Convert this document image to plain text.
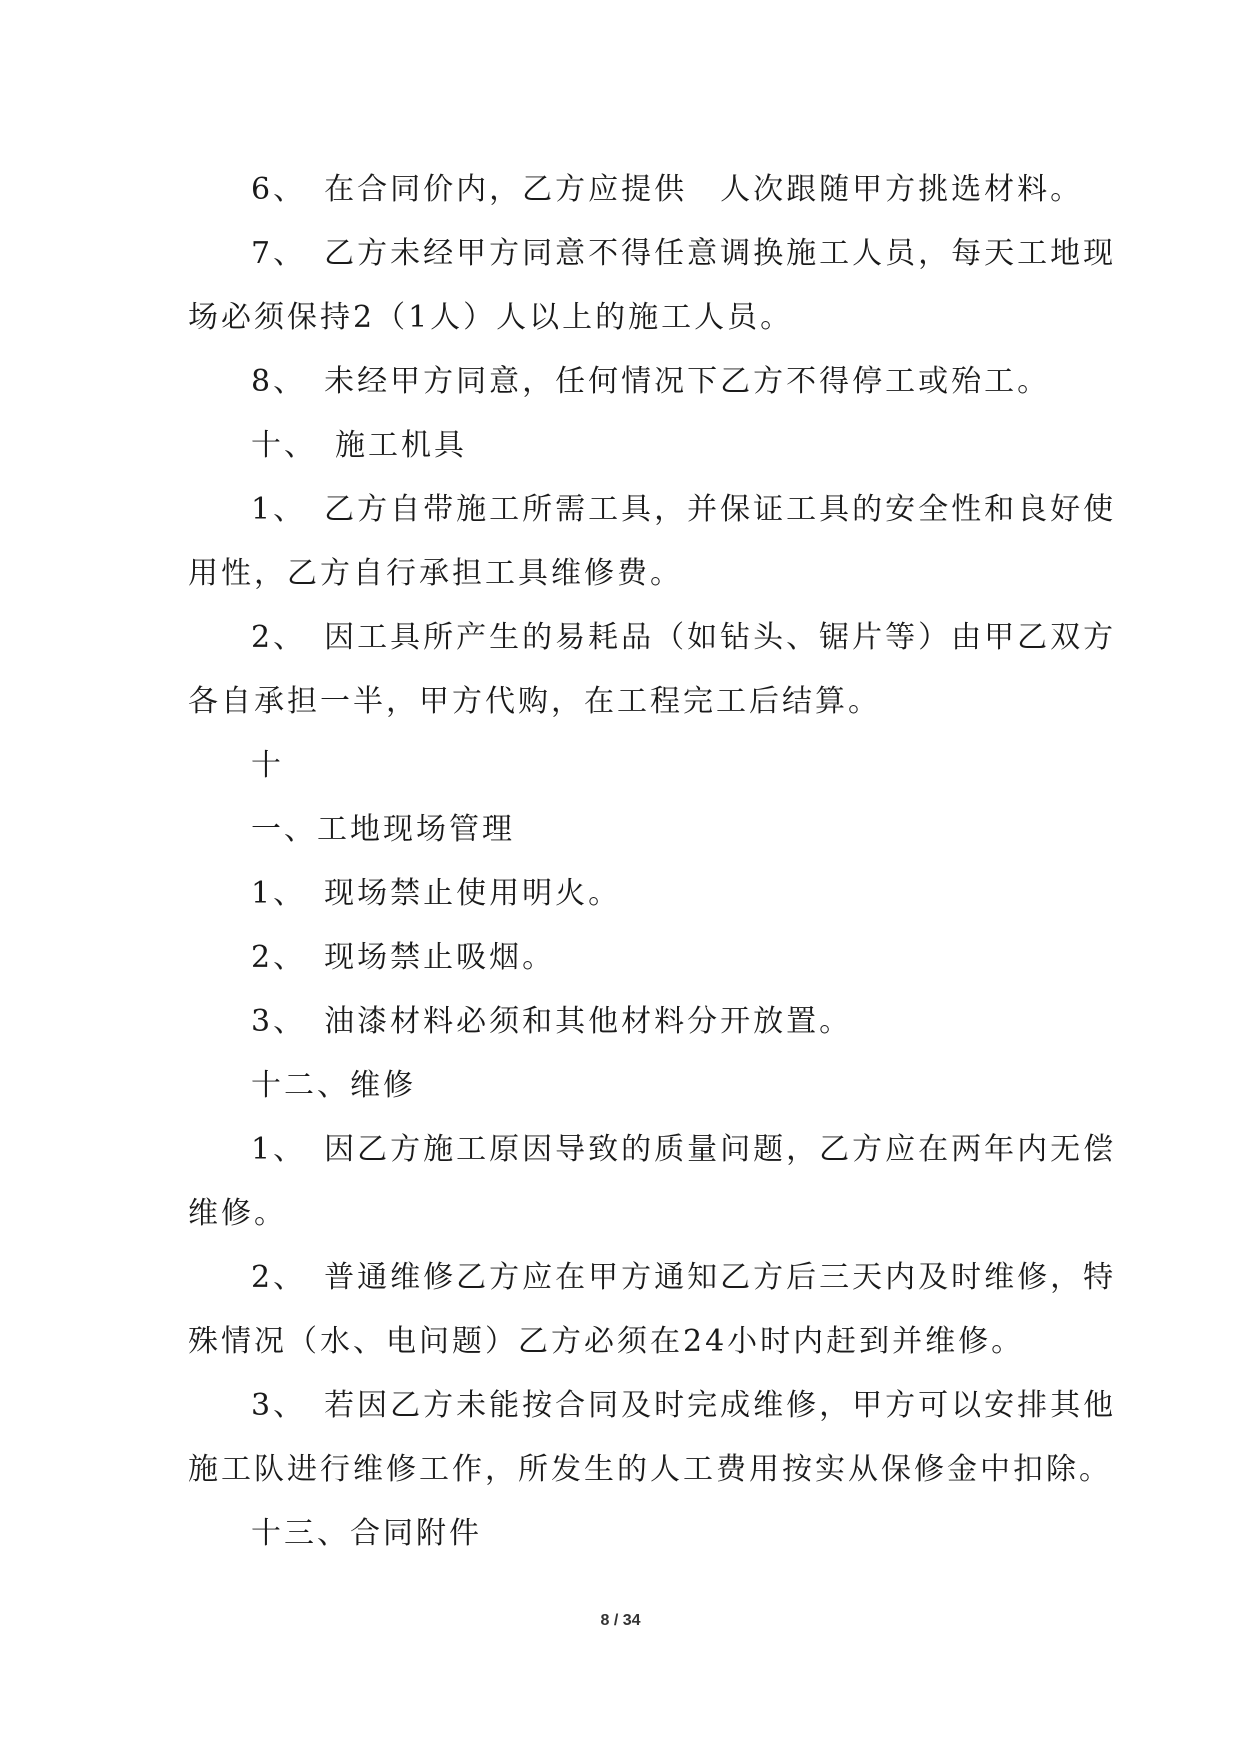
6、　在合同价内，乙方应提供　人次跟随甲方挑选材料。
7、　乙方未经甲方同意不得任意调换施工人员，每天工地现
场必须保持2（1人）人以上的施工人员。
8、　未经甲方同意，任何情况下乙方不得停工或殆工。
十、　施工机具
1、　乙方自带施工所需工具，并保证工具的安全性和良好使
用性，乙方自行承担工具维修费。
2、　因工具所产生的易耗品（如钻头、锯片等）由甲乙双方
各自承担一半，甲方代购，在工程完工后结算。
十
一、工地现场管理
1、　现场禁止使用明火。
2、　现场禁止吸烟。
3、　油漆材料必须和其他材料分开放置。
十二、维修
1、　因乙方施工原因导致的质量问题，乙方应在两年内无偿
维修。
2、　普通维修乙方应在甲方通知乙方后三天内及时维修，特
殊情况（水、电问题）乙方必须在24小时内赶到并维修。
3、　若因乙方未能按合同及时完成维修，甲方可以安排其他
施工队进行维修工作，所发生的人工费用按实从保修金中扣除。
十三、合同附件
8 / 34
